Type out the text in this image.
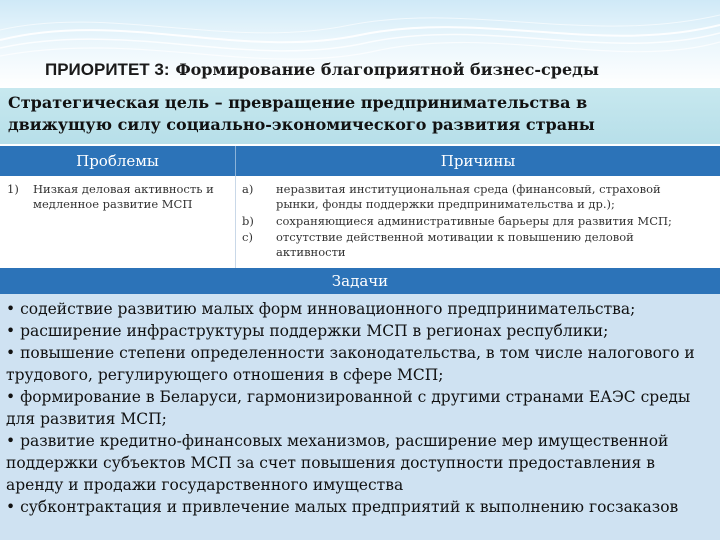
ПРИОРИТЕТ 3: Формирование благоприятной бизнес-среды
Стратегическая цель – превращение предпринимательства в
движущую силу социально-экономического развития страны
Проблемы	Причины
1) Низкая деловая активность и медленное развитие МСП
a)	неразвитая институциональная среда (финансовый, страховой рынки, фонды поддержки предпринимательства и др.);
b)	сохраняющиеся административные барьеры для развития МСП;
c)	отсутствие действенной мотивации к повышению деловой активности
Задачи

• содействие развитию малых форм инновационного предпринимательства;

• расширение инфраструктуры поддержки МСП в регионах республики;

• повышение степени определенности законодательства, в том числе налогового и трудового, регулирующего отношения в сфере МСП;

• формирование в Беларуси, гармонизированной с другими странами ЕАЭС среды для развития МСП;

• развитие кредитно-финансовых механизмов, расширение мер имущественной поддержки субъектов МСП за счет повышения доступности предоставления в аренду и продажи государственного имущества

• субконтрактация и привлечение малых предприятий к выполнению госзаказов
